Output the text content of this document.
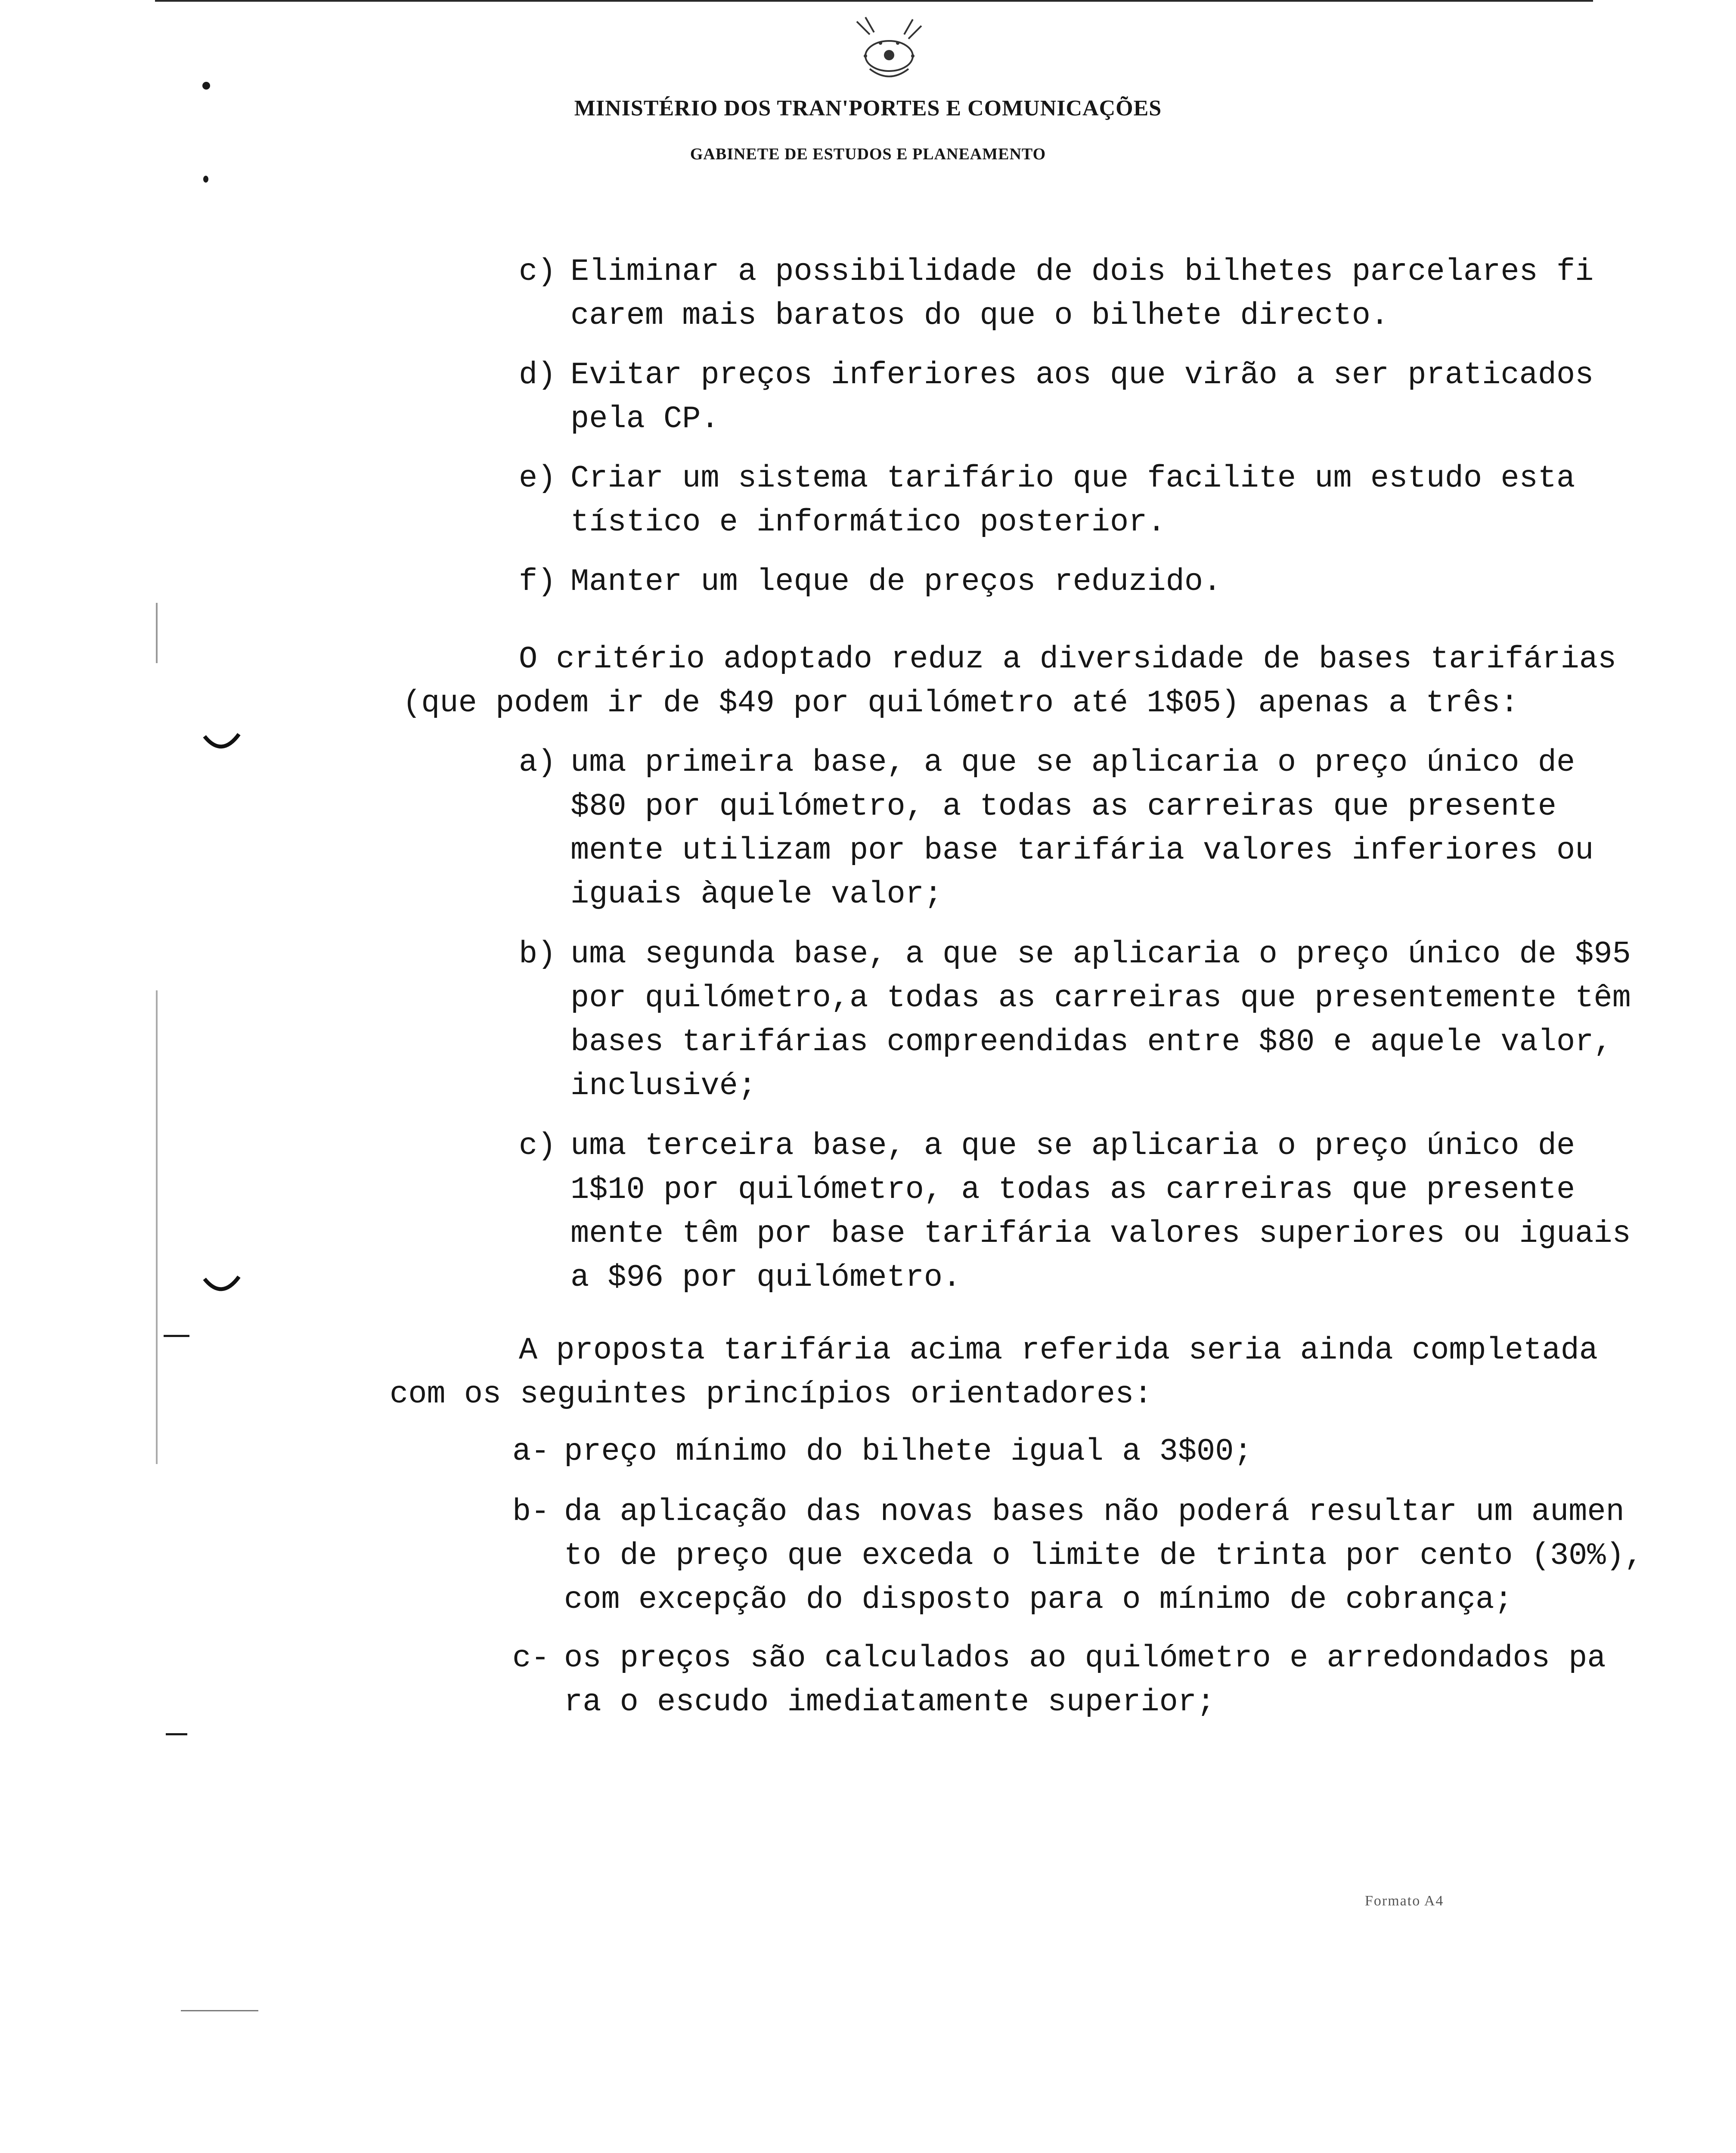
MINISTÉRIO DOS TRAN'PORTES E COMUNICAÇÕES
GABINETE DE ESTUDOS E PLANEAMENTO
c) Eliminar a possibilidade de dois bilhetes parcelares fi
carem mais baratos do que o bilhete directo.
d) Evitar preços inferiores aos que virão a ser praticados
pela CP.
e) Criar um sistema tarifário que facilite um estudo esta
tístico e informático posterior.
f) Manter um leque de preços reduzido.
O critério adoptado reduz a diversidade de bases tarifárias
(que podem ir de $49 por quilómetro até 1$05) apenas a três:
a) uma primeira base, a que se aplicaria o preço único de
$80 por quilómetro, a todas as carreiras que presente
mente utilizam por base tarifária valores inferiores ou
iguais àquele valor;
b) uma segunda base, a que se aplicaria o preço único de $95
por quilómetro,a todas as carreiras que presentemente têm
bases tarifárias compreendidas entre $80 e aquele valor,
inclusivé;
c) uma terceira base, a que se aplicaria o preço único de
1$10 por quilómetro, a todas as carreiras que presente
mente têm por base tarifária valores superiores ou iguais
a $96 por quilómetro.
A proposta tarifária acima referida seria ainda completada
com os seguintes princípios orientadores:
a- preço mínimo do bilhete igual a 3$00;
b- da aplicação das novas bases não poderá resultar um aumen
to de preço que exceda o limite de trinta por cento (30%),
com excepção do disposto para o mínimo de cobrança;
c- os preços são calculados ao quilómetro e arredondados pa
ra o escudo imediatamente superior;
Formato A4
